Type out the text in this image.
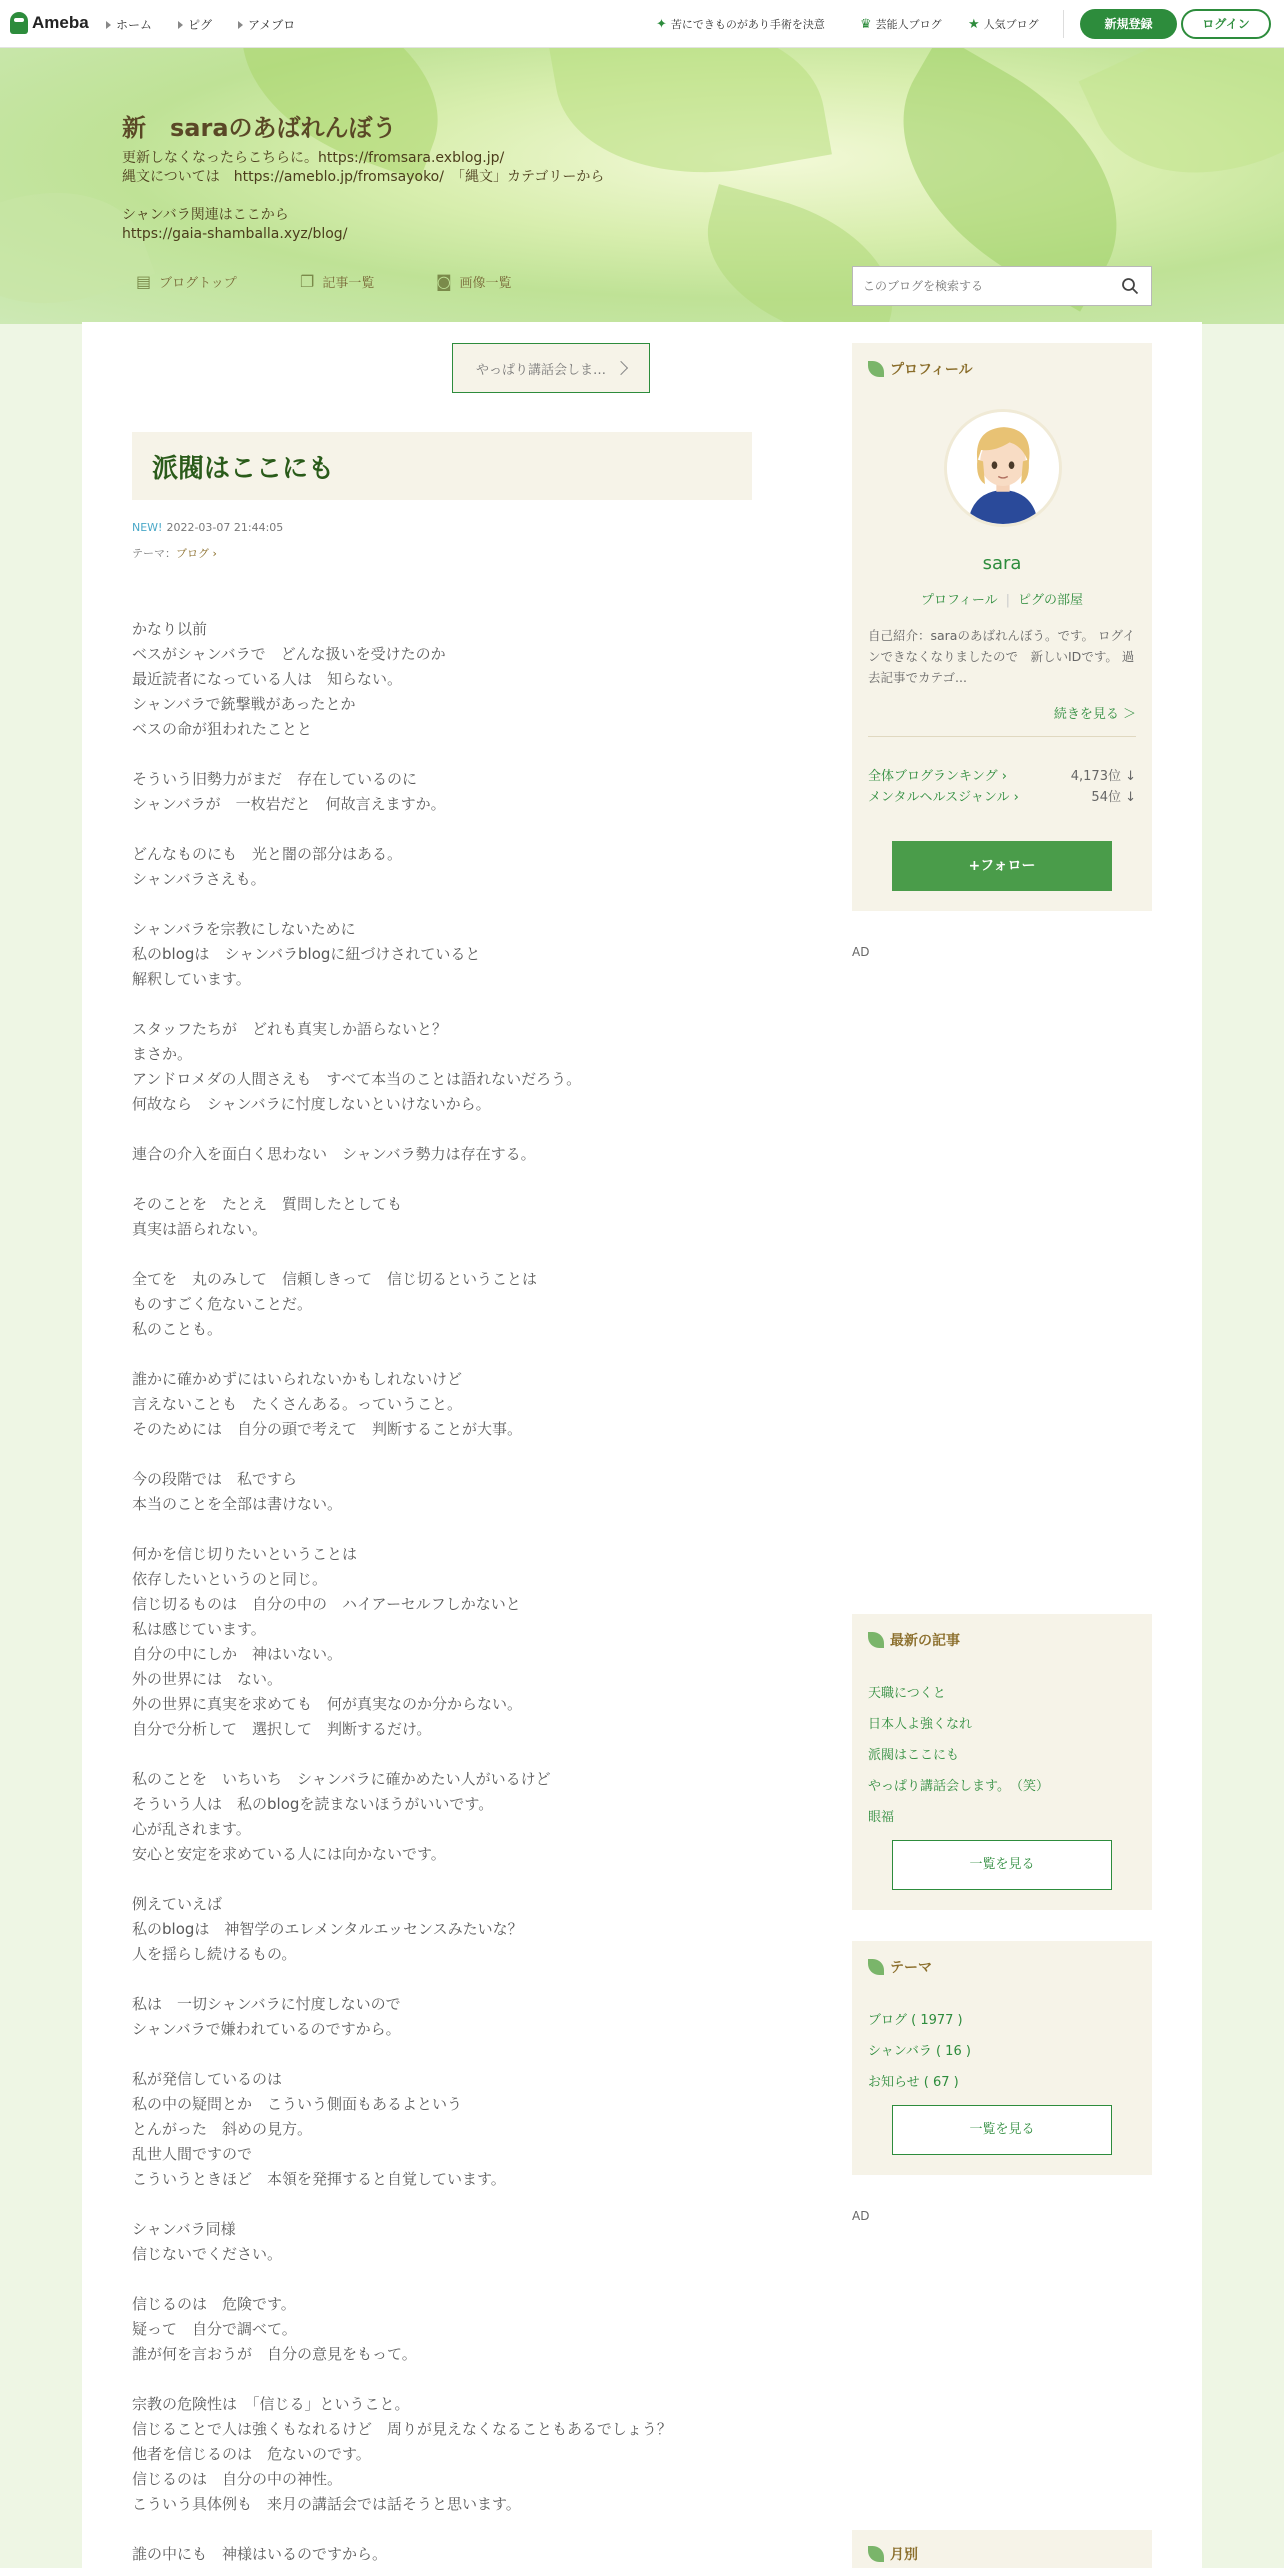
Ameba ホーム	ピグ	アメブロ	✦ 苦にできものがあり手術を決意	♛ 芸能人ブログ ★ 人気ブログ	新規登録	ログイン
新　saraのあばれんぼう
更新しなくなったらこちらに。https://fromsara.exblog.jp/
縄文については　https://ameblo.jp/fromsayoko/　「縄文」カテゴリーから
シャンバラ関連はここから
https://gaia-shamballa.xyz/blog/
▤ ブログトップ	❐ 記事一覧	◙ 画像一覧
このブログを検索する
やっぱり講話会しま…
派閥はここにも
NEW! 2022-03-07 21:44:05
テーマ：ブログ ›
かなり以前
ベスがシャンバラで　どんな扱いを受けたのか
最近読者になっている人は　知らない。
シャンバラで銃撃戦があったとか
ベスの命が狙われたことと
そういう旧勢力がまだ　存在しているのに
シャンバラが　一枚岩だと　何故言えますか。
どんなものにも　光と闇の部分はある。
シャンバラさえも。
シャンバラを宗教にしないために
私のblogは　シャンバラblogに紐づけされていると
解釈しています。
スタッフたちが　どれも真実しか語らないと？
まさか。
アンドロメダの人間さえも　すべて本当のことは語れないだろう。
何故なら　シャンバラに忖度しないといけないから。
連合の介入を面白く思わない　シャンバラ勢力は存在する。
そのことを　たとえ　質問したとしても
真実は語られない。
全てを　丸のみして　信頼しきって　信じ切るということは
ものすごく危ないことだ。
私のことも。
誰かに確かめずにはいられないかもしれないけど
言えないことも　たくさんある。っていうこと。
そのためには　自分の頭で考えて　判断することが大事。
今の段階では　私ですら
本当のことを全部は書けない。
何かを信じ切りたいということは
依存したいというのと同じ。
信じ切るものは　自分の中の　ハイアーセルフしかないと
私は感じています。
自分の中にしか　神はいない。
外の世界には　ない。
外の世界に真実を求めても　何が真実なのか分からない。
自分で分析して　選択して　判断するだけ。
私のことを　いちいち　シャンバラに確かめたい人がいるけど
そういう人は　私のblogを読まないほうがいいです。
心が乱されます。
安心と安定を求めている人には向かないです。
例えていえば
私のblogは　神智学のエレメンタルエッセンスみたいな？
人を揺らし続けるもの。
私は　一切シャンバラに忖度しないので
シャンバラで嫌われているのですから。
私が発信しているのは
私の中の疑問とか　こういう側面もあるよという
とんがった　斜めの見方。
乱世人間ですので
こういうときほど　本領を発揮すると自覚しています。
シャンバラ同様
信じないでください。
信じるのは　危険です。
疑って　自分で調べて。
誰が何を言おうが　自分の意見をもって。
宗教の危険性は　「信じる」ということ。
信じることで人は強くもなれるけど　周りが見えなくなることもあるでしょう？
他者を信じるのは　危ないのです。
信じるのは　自分の中の神性。
こういう具体例も　来月の講話会では話そうと思います。
誰の中にも　神様はいるのですから。
プロフィール
sara
プロフィール | ピグの部屋
自己紹介：saraのあばれんぼう。です。 ログインできなくなりましたので　新しいIDです。 過去記事でカテゴ...
続きを見る ＞
全体ブログランキング ›	4,173位 ↓
メンタルヘルスジャンル ›	54位 ↓
+フォロー
AD
最新の記事
天職につくと
日本人よ強くなれ
派閥はここにも
やっぱり講話会します。　（笑）
眼福
一覧を見る
テーマ
ブログ ( 1977 )
シャンバラ ( 16 )
お知らせ ( 67 )
一覧を見る
AD
月別
